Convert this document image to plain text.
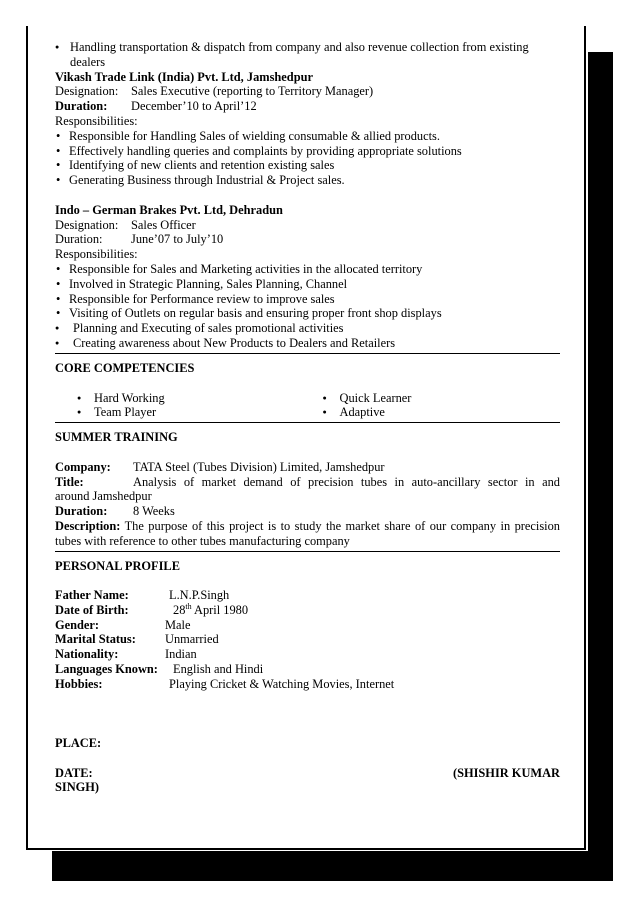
● Handling transportation & dispatch from company and also revenue collection from existing
dealers
Vikash Trade Link (India) Pvt. Ltd, Jamshedpur
Designation:	Sales Executive (reporting to Territory Manager)
Duration:	December’10 to April’12
Responsibilities:
• Responsible for Handling Sales of wielding consumable & allied products.
• Effectively handling queries and complaints by providing appropriate solutions
• Identifying of new clients and retention existing sales
• Generating Business through Industrial & Project sales.
Indo – German Brakes Pvt. Ltd, Dehradun
Designation:	Sales Officer
Duration:	June’07 to July’10
Responsibilities:
• Responsible for Sales and Marketing activities in the allocated territory
• Involved in Strategic Planning, Sales Planning, Channel
• Responsible for Performance review to improve sales
• Visiting of Outlets on regular basis and ensuring proper front shop displays
● Planning and Executing of sales promotional activities
● Creating awareness about New Products to Dealers and Retailers
CORE COMPETENCIES
● Hard Working
● Team Player
● Quick Learner
● Adaptive
SUMMER TRAINING
Company:	TATA Steel (Tubes Division) Limited, Jamshedpur
Title:	Analysis of market demand of precision tubes in auto-ancillary sector in and
around Jamshedpur
Duration:	8 Weeks
Description: The purpose of this project is to study the market share of our company in precision tubes with reference to other tubes manufacturing company
PERSONAL PROFILE
Father Name:	L.N.P.Singh
Date of Birth:	28th April 1980
Gender:	Male
Marital Status:	Unmarried
Nationality:	Indian
Languages Known:	English and Hindi
Hobbies:	Playing Cricket & Watching Movies, Internet
PLACE:
DATE:	(SHISHIR KUMAR
SINGH)
